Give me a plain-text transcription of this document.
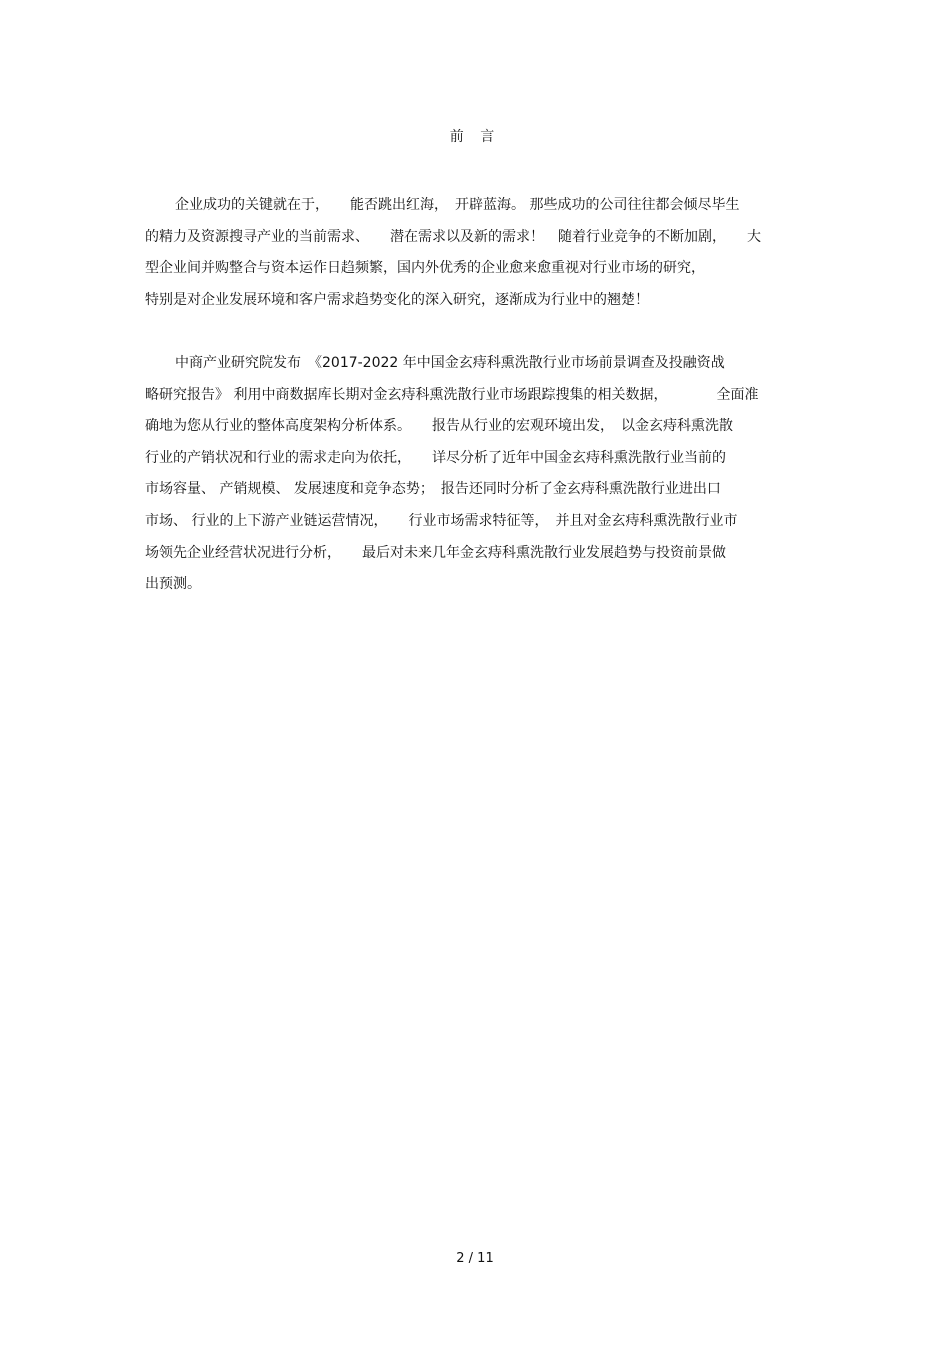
前 言
企业成功的关键就在于，　　能否跳出红海，　开辟蓝海。 那些成功的公司往往都会倾尽毕生
的精力及资源搜寻产业的当前需求、　　潜在需求以及新的需求！　随着行业竞争的不断加剧，　　大
型企业间并购整合与资本运作日趋频繁，国内外优秀的企业愈来愈重视对行业市场的研究，
特别是对企业发展环境和客户需求趋势变化的深入研究，逐渐成为行业中的翘楚！
中商产业研究院发布　《2017-2022 年中国金玄痔科熏洗散行业市场前景调查及投融资战
略研究报告》 利用中商数据库长期对金玄痔科熏洗散行业市场跟踪搜集的相关数据，　　　　全面准
确地为您从行业的整体高度架构分析体系。　　报告从行业的宏观环境出发，　以金玄痔科熏洗散
行业的产销状况和行业的需求走向为依托，　　详尽分析了近年中国金玄痔科熏洗散行业当前的
市场容量、 产销规模、 发展速度和竞争态势；　报告还同时分析了金玄痔科熏洗散行业进出口
市场、 行业的上下游产业链运营情况，　　行业市场需求特征等，　并且对金玄痔科熏洗散行业市
场领先企业经营状况进行分析，　　最后对未来几年金玄痔科熏洗散行业发展趋势与投资前景做
出预测。
2 / 11
